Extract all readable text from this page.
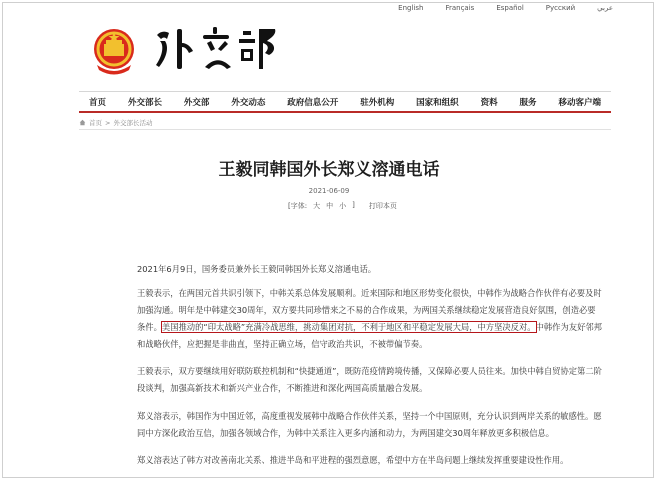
English	Français	Español	Русский	عربي
首页	外交部长	外交部	外交动态	政府信息公开	驻外机构	国家和组织	资料	服务	移动客户端
首页 > 外交部长活动
王毅同韩国外长郑义溶通电话
2021-06-09
[字体: 大 中 小 ] 打印本页

2021年6月9日，国务委员兼外长王毅同韩国外长郑义溶通电话。

王毅表示，在两国元首共识引领下，中韩关系总体发展顺利。近来国际和地区形势变化很快，中韩作为战略合作伙伴有必要及时加强沟通。明年是中韩建交30周年，双方要共同珍惜来之不易的合作成果，为两国关系继续稳定发展营造良好氛围，创造必要条件。美国推动的“印太战略”充满冷战思维，挑动集团对抗，不利于地区和平稳定发展大局，中方坚决反对。中韩作为友好邻邦和战略伙伴，应把握是非曲直，坚持正确立场，信守政治共识，不被带偏节奏。

王毅表示，双方要继续用好联防联控机制和“快捷通道”，既防范疫情跨境传播，又保障必要人员往来。加快中韩自贸协定第二阶段谈判，加强高新技术和新兴产业合作，不断推进和深化两国高质量融合发展。

郑义溶表示，韩国作为中国近邻，高度重视发展韩中战略合作伙伴关系，坚持一个中国原则，充分认识到两岸关系的敏感性。愿同中方深化政治互信，加强各领域合作，为韩中关系注入更多内涵和动力，为两国建交30周年释放更多积极信息。

郑义溶表达了韩方对改善南北关系、推进半岛和平进程的强烈意愿，希望中方在半岛问题上继续发挥重要建设性作用。
